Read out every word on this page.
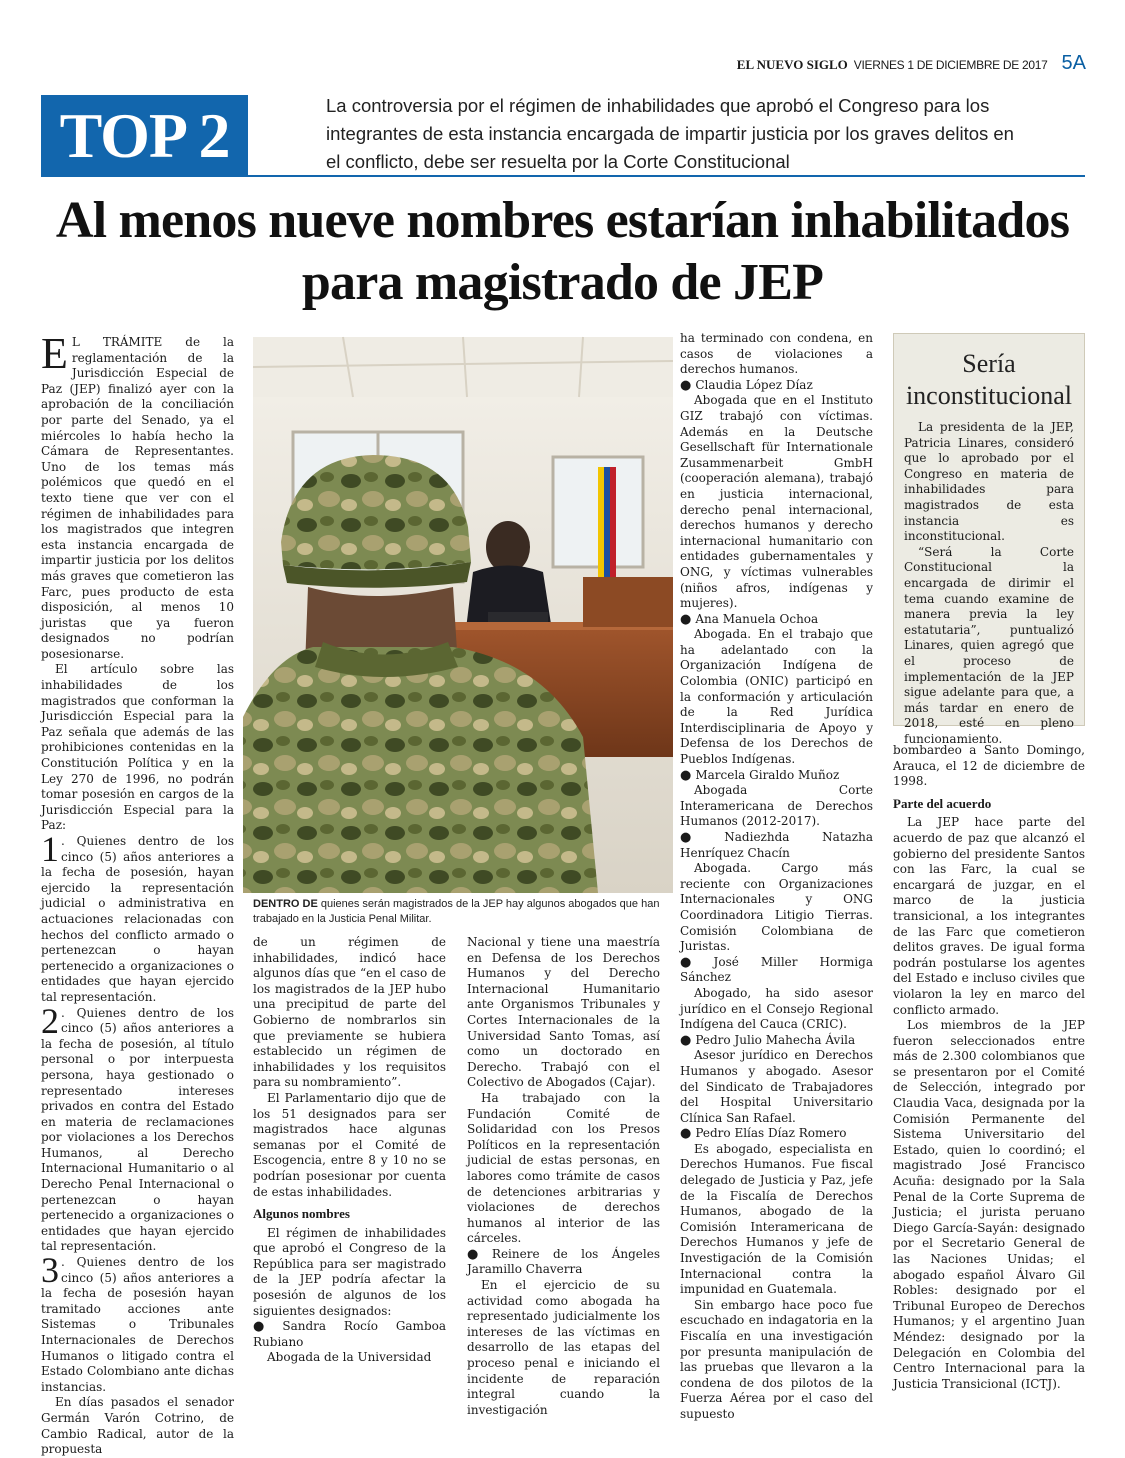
EL NUEVO SIGLO VIERNES 1 DE DICIEMBRE DE 2017 5A
TOP 2	La controversia por el régimen de inhabilidades que aprobó el Congreso para los integrantes de esta instancia encargada de impartir justicia por los graves delitos en el conflicto, debe ser resuelta por la Corte Constitucional
Al menos nueve nombres estarían inhabilitados para magistrado de JEP

E L TRÁMITE de la reglamentación de la Jurisdicción Especial de Paz (JEP) finalizó ayer con la aprobación de la conciliación por parte del Senado, ya el miércoles lo había hecho la Cámara de Representantes. Uno de los temas más polémicos que quedó en el texto tiene que ver con el régimen de inhabilidades para los magistrados que integren esta instancia encargada de impartir justicia por los delitos más graves que cometieron las Farc, pues producto de esta disposición, al menos 10 juristas que ya fueron designados no podrían posesionarse.

El artículo sobre las inhabilidades de los magistrados que conforman la Jurisdicción Especial para la Paz señala que además de las prohibiciones contenidas en la Constitución Política y en la Ley 270 de 1996, no podrán tomar posesión en cargos de la Jurisdicción Especial para la Paz:

1 . Quienes dentro de los cinco (5) años anteriores a la fecha de posesión, hayan ejercido la representación judicial o administrativa en actuaciones relacionadas con hechos del conflicto armado o pertenezcan o hayan pertenecido a organizaciones o entidades que hayan ejercido tal representación.

2 . Quienes dentro de los cinco (5) años anteriores a la fecha de posesión, al título personal o por interpuesta persona, haya gestionado o representado intereses privados en contra del Estado en materia de reclamaciones por violaciones a los Derechos Humanos, al Derecho Internacional Humanitario o al Derecho Penal Internacional o pertenezcan o hayan pertenecido a organizaciones o entidades que hayan ejercido tal representación.

3 . Quienes dentro de los cinco (5) años anteriores a la fecha de posesión hayan tramitado acciones ante Sistemas o Tribunales Internacionales de Derechos Humanos o litigado contra el Estado Colombiano ante dichas instancias.

En días pasados el senador Germán Varón Cotrino, de Cambio Radical, autor de la propuesta

DENTRO DE quienes serán magistrados de la JEP hay algunos abogados que han trabajado en la Justicia Penal Militar.

de un régimen de inhabilidades, indicó hace algunos días que “en el caso de los magistrados de la JEP hubo una precipitud de parte del Gobierno de nombrarlos sin que previamente se hubiera establecido un régimen de inhabilidades y los requisitos para su nombramiento”.

El Parlamentario dijo que de los 51 designados para ser magistrados hace algunas semanas por el Comité de Escogencia, entre 8 y 10 no se podrían posesionar por cuenta de estas inhabilidades.

Algunos nombres

El régimen de inhabilidades que aprobó el Congreso de la República para ser magistrado de la JEP podría afectar la posesión de algunos de los siguientes designados:

● Sandra Rocío Gamboa Rubiano

Abogada de la Universidad

Nacional y tiene una maestría en Defensa de los Derechos Humanos y del Derecho Internacional Humanitario ante Organismos Tribunales y Cortes Internacionales de la Universidad Santo Tomas, así como un doctorado en Derecho. Trabajó con el Colectivo de Abogados (Cajar).

Ha trabajado con la Fundación Comité de Solidaridad con los Presos Políticos en la representación judicial de estas personas, en labores como trámite de casos de detenciones arbitrarias y violaciones de derechos humanos al interior de las cárceles.

● Reinere de los Ángeles Jaramillo Chaverra

En el ejercicio de su actividad como abogada ha representado judicialmente los intereses de las víctimas en desarrollo de las etapas del proceso penal e iniciando el incidente de reparación integral cuando la investigación

ha terminado con condena, en casos de violaciones a derechos humanos.

● Claudia López Díaz

Abogada que en el Instituto GIZ trabajó con víctimas. Además en la Deutsche Gesellschaft für Internationale Zusammenarbeit GmbH (cooperación alemana), trabajó en justicia internacional, derecho penal internacional, derechos humanos y derecho internacional humanitario con entidades gubernamentales y ONG, y víctimas vulnerables (niños afros, indígenas y mujeres).

● Ana Manuela Ochoa

Abogada. En el trabajo que ha adelantado con la Organización Indígena de Colombia (ONIC) participó en la conformación y articulación de la Red Jurídica Interdisciplinaria de Apoyo y Defensa de los Derechos de Pueblos Indígenas.

● Marcela Giraldo Muñoz

Abogada Corte Interamericana de Derechos Humanos (2012-2017).

● Nadiezhda Natazha Henríquez Chacín

Abogada. Cargo más reciente con Organizaciones Internacionales y ONG Coordinadora Litigio Tierras. Comisión Colombiana de Juristas.

● José Miller Hormiga Sánchez

Abogado, ha sido asesor jurídico en el Consejo Regional Indígena del Cauca (CRIC).

● Pedro Julio Mahecha Ávila

Asesor jurídico en Derechos Humanos y abogado. Asesor del Sindicato de Trabajadores del Hospital Universitario Clínica San Rafael.

● Pedro Elías Díaz Romero

Es abogado, especialista en Derechos Humanos. Fue fiscal delegado de Justicia y Paz, jefe de la Fiscalía de Derechos Humanos, abogado de la Comisión Interamericana de Derechos Humanos y jefe de Investigación de la Comisión Internacional contra la impunidad en Guatemala.

Sin embargo hace poco fue escuchado en indagatoria en la Fiscalía en una investigación por presunta manipulación de las pruebas que llevaron a la condena de dos pilotos de la Fuerza Aérea por el caso del supuesto

Sería inconstitucional

La presidenta de la JEP, Patricia Linares, consideró que lo aprobado por el Congreso en materia de inhabilidades para magistrados de esta instancia es inconstitucional.

“Será la Corte Constitucional la encargada de dirimir el tema cuando examine de manera previa la ley estatutaria”, puntualizó Linares, quien agregó que el proceso de implementación de la JEP sigue adelante para que, a más tardar en enero de 2018, esté en pleno funcionamiento.

bombardeo a Santo Domingo, Arauca, el 12 de diciembre de 1998.

Parte del acuerdo

La JEP hace parte del acuerdo de paz que alcanzó el gobierno del presidente Santos con las Farc, la cual se encargará de juzgar, en el marco de la justicia transicional, a los integrantes de las Farc que cometieron delitos graves. De igual forma podrán postularse los agentes del Estado e incluso civiles que violaron la ley en marco del conflicto armado.

Los miembros de la JEP fueron seleccionados entre más de 2.300 colombianos que se presentaron por el Comité de Selección, integrado por Claudia Vaca, designada por la Comisión Permanente del Sistema Universitario del Estado, quien lo coordinó; el magistrado José Francisco Acuña: designado por la Sala Penal de la Corte Suprema de Justicia; el jurista peruano Diego García-Sayán: designado por el Secretario General de las Naciones Unidas; el abogado español Álvaro Gil Robles: designado por el Tribunal Europeo de Derechos Humanos; y el argentino Juan Méndez: designado por la Delegación en Colombia del Centro Internacional para la Justicia Transicional (ICTJ).
